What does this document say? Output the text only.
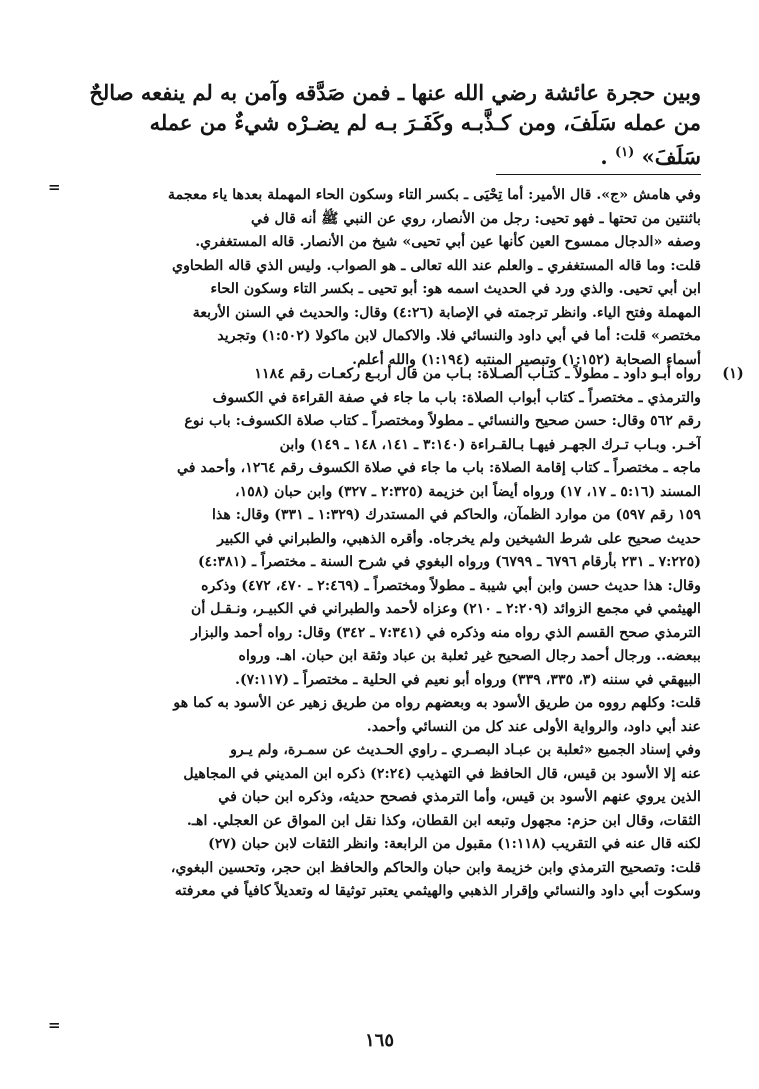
وبين حجرة عائشة رضي الله عنها ـ فمن صَدَّقه وآمن به لم ينفعه صالحٌ
من عمله سَلَفَ، ومن كـذَّبـه وكَفَـرَ بـه لم يضـرْه شيءٌ من عمله
سَلَفَ» $^{(١)}$ .
=	وفي هامش «ج». قال الأمير: أما تِحْيَى ـ بكسر التاء وسكون الحاء المهملة بعدها ياء معجمة
باثنتين من تحتها ـ فهو تحيى: رجل من الأنصار، روي عن النبي ﷺ أنه قال في
وصفه «الدجال ممسوح العين كأنها عين أبي تحيى» شيخ من الأنصار. قاله المستغفري.
قلت: وما قاله المستغفري ـ والعلم عند الله تعالى ـ هو الصواب. وليس الذي قاله الطحاوي
ابن أبي تحيى. والذي ورد في الحديث اسمه هو: أبو تحيى ـ بكسر التاء وسكون الحاء
المهملة وفتح الياء. وانظر ترجمته في الإصابة (٤:٢٦) وقال: والحديث في السنن الأربعة
مختصر» قلت: أما في أبي داود والنسائي فلا. والاكمال لابن ماكولا (١:٥٠٢) وتجريد
أسماء الصحابة (١:١٥٢) وتبصير المنتبه (١:١٩٤) والله أعلم.
(١)
رواه أبـو داود ـ مطولاً ـ كتـاب الصـلاة: بـاب من قال أربـع ركعـات رقم ١١٨٤
والترمذي ـ مختصراً ـ كتاب أبواب الصلاة: باب ما جاء في صفة القراءة في الكسوف
رقم ٥٦٢ وقال: حسن صحيح والنسائي ـ مطولاً ومختصراً ـ كتاب صلاة الكسوف: باب نوع
آخـر. وبـاب تـرك الجهـر فيهـا بـالقـراءة (٣:١٤٠ ـ ١٤١، ١٤٨ ـ ١٤٩) وابن
ماجه ـ مختصراً ـ كتاب إقامة الصلاة: باب ما جاء في صلاة الكسوف رقم ١٢٦٤، وأحمد في
المسند (٥:١٦ ـ ١٧، ١٧) ورواه أيضاً ابن خزيمة (٢:٣٢٥ ـ ٣٢٧) وابن حبان (١٥٨،
١٥٩ رقم ٥٩٧) من موارد الظمآن، والحاكم في المستدرك (١:٣٢٩ ـ ٣٣١) وقال: هذا
حديث صحيح على شرط الشيخين ولم يخرجاه. وأقره الذهبي، والطبراني في الكبير
(٧:٢٢٥ ـ ٢٣١ بأرقام ٦٧٩٦ ـ ٦٧٩٩) ورواه البغوي في شرح السنة ـ مختصراً ـ (٤:٣٨١)
وقال: هذا حديث حسن وابن أبي شيبة ـ مطولاً ومختصراً ـ (٢:٤٦٩ ـ ٤٧٠، ٤٧٢) وذكره
الهيثمي في مجمع الزوائد (٢:٢٠٩ ـ ٢١٠) وعزاه لأحمد والطبراني في الكبيـر، ونـقـل أن
الترمذي صحح القسم الذي رواه منه وذكره في (٧:٣٤١ ـ ٣٤٢) وقال: رواه أحمد والبزار
ببعضه.. ورجال أحمد رجال الصحيح غير ثعلبة بن عباد وثقة ابن حبان. اهـ. ورواه
البيهقي في سننه (٣، ٣٣٥، ٣٣٩) ورواه أبو نعيم في الحلية ـ مختصراً ـ (٧:١١٧).
قلت: وكلهم رووه من طريق الأسود به وبعضهم رواه من طريق زهير عن الأسود به كما هو
عند أبي داود، والرواية الأولى عند كل من النسائي وأحمد.
وفي إسناد الجميع «ثعلبة بن عبـاد البصـري ـ راوي الحـديث عن سمـرة، ولم يـرو
عنه إلا الأسود بن قيس، قال الحافظ في التهذيب (٢:٢٤) ذكره ابن المديني في المجاهيل
الذين يروي عنهم الأسود بن قيس، وأما الترمذي فصحح حديثه، وذكره ابن حبان في
الثقات، وقال ابن حزم: مجهول وتبعه ابن القطان، وكذا نقل ابن المواق عن العجلي. اهـ.
لكنه قال عنه في التقريب (١:١١٨) مقبول من الرابعة: وانظر الثقات لابن حبان (٢٧)
قلت: وتصحيح الترمذي وابن خزيمة وابن حبان والحاكم والحافظ ابن حجر، وتحسين البغوي،
وسكوت أبي داود والنسائي وإقرار الذهبي والهيثمي يعتبر توثيقا له وتعديلاً كافياً في معرفته
=
١٦٥
